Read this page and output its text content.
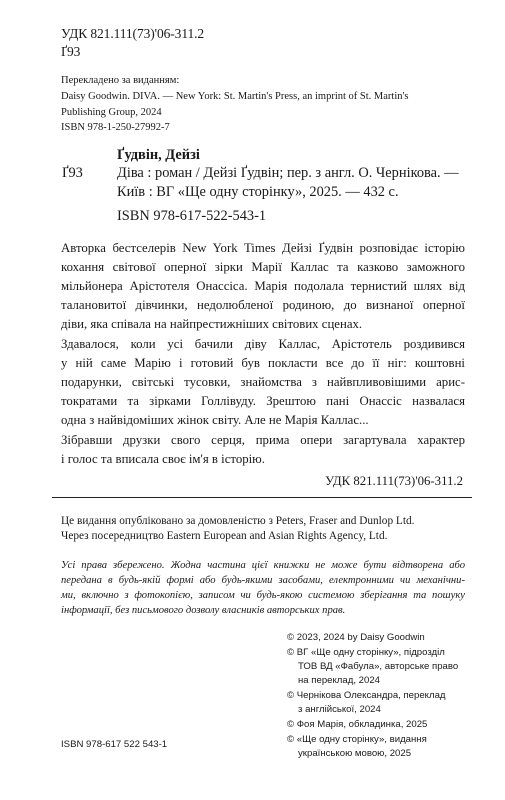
УДК 821.111(73)'06-311.2
Ґ93
Перекладено за виданням:
Daisy Goodwin. DIVA. — New York: St. Martin's Press, an imprint of St. Martin's
Publishing Group, 2024
ISBN 978-1-250-27992-7
Ґудвін, Дейзі
Ґ93 Діва : роман / Дейзі Ґудвін; пер. з англ. О. Чернікова. —
Київ : ВГ «Ще одну сторінку», 2025. — 432 с.
ISBN 978-617-522-543-1
Авторка бестселерів New York Times Дейзі Ґудвін розповідає історію
кохання світової оперної зірки Марії Каллас та казково заможного
мільйонера Арістотеля Онассіса. Марія подолала тернистий шлях від
талановитої дівчинки, недолюбленої родиною, до визнаної оперної
діви, яка співала на найпрестижніших світових сценах.
Здавалося, коли усі бачили діву Каллас, Арістотель роздивився
у ній саме Марію і готовий був покласти все до її ніг: коштовні
подарунки, світські тусовки, знайомства з найвпливовішими арис-
тократами та зірками Голлівуду. Зрештою пані Онассіс назвалася
одна з найвідоміших жінок світу. Але не Марія Каллас...
Зібравши друзки свого серця, прима опери загартувала характер
і голос та вписала своє ім'я в історію.
УДК 821.111(73)'06-311.2
Це видання опубліковано за домовленістю з Peters, Fraser and Dunlop Ltd.
Через посередництво Eastern European and Asian Rights Agency, Ltd.
Усі права збережено. Жодна частина цієї книжки не може бути відтворена або
передана в будь-якій формі або будь-якими засобами, електронними чи механічни-
ми, включно з фотокопією, записом чи будь-якою системою зберігання та пошуку
інформації, без письмового дозволу власників авторських прав.
© 2023, 2024 by Daisy Goodwin
© ВГ «Ще одну сторінку», підрозділ
ТОВ ВД «Фабула», авторське право
на переклад, 2024
© Чернікова Олександра, переклад
з англійської, 2024
© Фоя Марія, обкладинка, 2025
© «Ще одну сторінку», видання
українською мовою, 2025
ISBN 978-617 522 543-1
